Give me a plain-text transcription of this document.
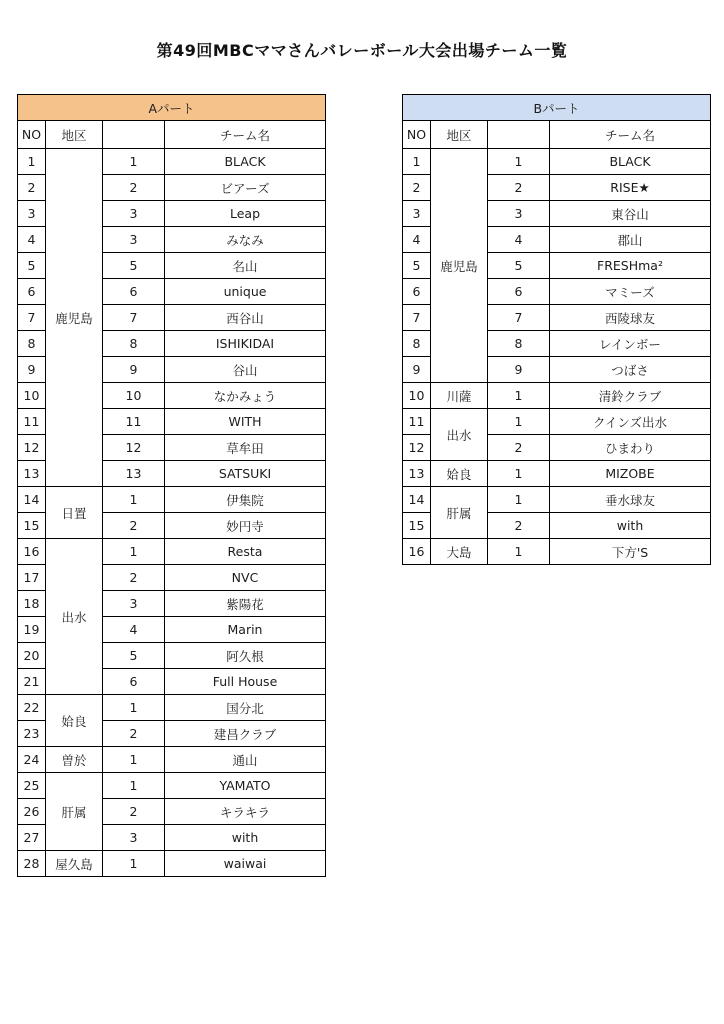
第49回MBCママさんバレーボール大会出場チーム一覧
Aパート			
NO	地区		チーム名
1	鹿児島	1	BLACK
2		2	ビアーズ
3		3	Leap
4		3	みなみ
5		5	名山
6		6	unique
7		7	西谷山
8		8	ISHIKIDAI
9		9	谷山
10		10	なかみょう
11		11	WITH
12		12	草牟田
13		13	SATSUKI
14	日置	1	伊集院
15		2	妙円寺
16	出水	1	Resta
17		2	NVC
18		3	紫陽花
19		4	Marin
20		5	阿久根
21		6	Full House
22	姶良	1	国分北
23		2	建昌クラブ
24	曽於	1	通山
25	肝属	1	YAMATO
26		2	キラキラ
27		3	with
28	屋久島	1	waiwai
Bパート			
NO	地区		チーム名
1	鹿児島	1	BLACK
2		2	RISE★
3		3	東谷山
4		4	郡山
5		5	FRESHma²
6		6	マミーズ
7		7	西陵球友
8		8	レインボー
9		9	つばさ
10	川薩	1	清鈴クラブ
11	出水	1	クインズ出水
12		2	ひまわり
13	姶良	1	MIZOBE
14	肝属	1	垂水球友
15		2	with
16	大島	1	下方'S
